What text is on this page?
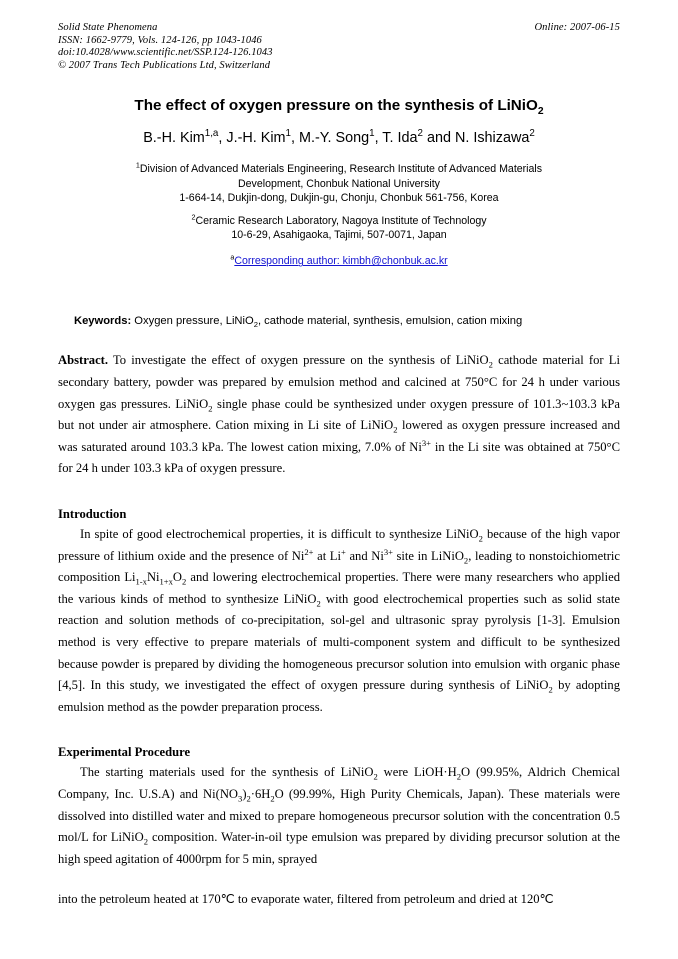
Solid State Phenomena
ISSN: 1662-9779, Vols. 124-126, pp 1043-1046
doi:10.4028/www.scientific.net/SSP.124-126.1043
© 2007 Trans Tech Publications Ltd, Switzerland
Online: 2007-06-15
The effect of oxygen pressure on the synthesis of LiNiO$_2$
B.-H. Kim$^{1,a}$, J.-H. Kim$^1$, M.-Y. Song$^1$, T. Ida$^2$ and N. Ishizawa$^2$
$^1$Division of Advanced Materials Engineering, Research Institute of Advanced Materials
Development, Chonbuk National University
1-664-14, Dukjin-dong, Dukjin-gu, Chonju, Chonbuk 561-756, Korea
$^2$Ceramic Research Laboratory, Nagoya Institute of Technology
10-6-29, Asahigaoka, Tajimi, 507-0071, Japan
$^a$Corresponding author: kimbh@chonbuk.ac.kr
Keywords: Oxygen pressure, LiNiO$_2$, cathode material, synthesis, emulsion, cation mixing
Abstract. To investigate the effect of oxygen pressure on the synthesis of LiNiO$_2$ cathode material for Li secondary battery, powder was prepared by emulsion method and calcined at 750°C for 24 h under various oxygen gas pressures. LiNiO$_2$ single phase could be synthesized under oxygen pressure of 101.3~103.3 kPa but not under air atmosphere. Cation mixing in Li site of LiNiO$_2$ lowered as oxygen pressure increased and was saturated around 103.3 kPa. The lowest cation mixing, 7.0% of $Ni^{3+}$ in the Li site was obtained at 750°C for 24 h under 103.3 kPa of oxygen pressure.
Introduction

In spite of good electrochemical properties, it is difficult to synthesize LiNiO$_2$ because of the high vapor pressure of lithium oxide and the presence of $Ni^{2+}$ at Li+ and $Ni^{3+}$ site in LiNiO$_2$, leading to nonstoichiometric composition $Li_{1-x}Ni_{1+x}O_2$ and lowering electrochemical properties. There were many researchers who applied the various kinds of method to synthesize LiNiO$_2$ with good electrochemical properties such as solid state reaction and solution methods of co-precipitation, sol-gel and ultrasonic spray pyrolysis [1-3]. Emulsion method is very effective to prepare materials of multi-component system and difficult to be synthesized because powder is prepared by dividing the homogeneous precursor solution into emulsion with organic phase [4,5]. In this study, we investigated the effect of oxygen pressure during synthesis of LiNiO$_2$ by adopting emulsion method as the powder preparation process.

Experimental Procedure

The starting materials used for the synthesis of LiNiO$_2$ were $LiOH\cdot H_2O$ (99.95%, Aldrich Chemical Company, Inc. U.S.A) and $Ni(NO_3)_2\cdot 6H_2O$ (99.99%, High Purity Chemicals, Japan). These materials were dissolved into distilled water and mixed to prepare homogeneous precursor solution with the concentration 0.5 mol/L for LiNiO$_2$ composition. Water-in-oil type emulsion was prepared by dividing precursor solution at the high speed agitation of 4000rpm for 5 min, sprayed

into the petroleum heated at 170℃ to evaporate water, filtered from petroleum and dried at 120℃
